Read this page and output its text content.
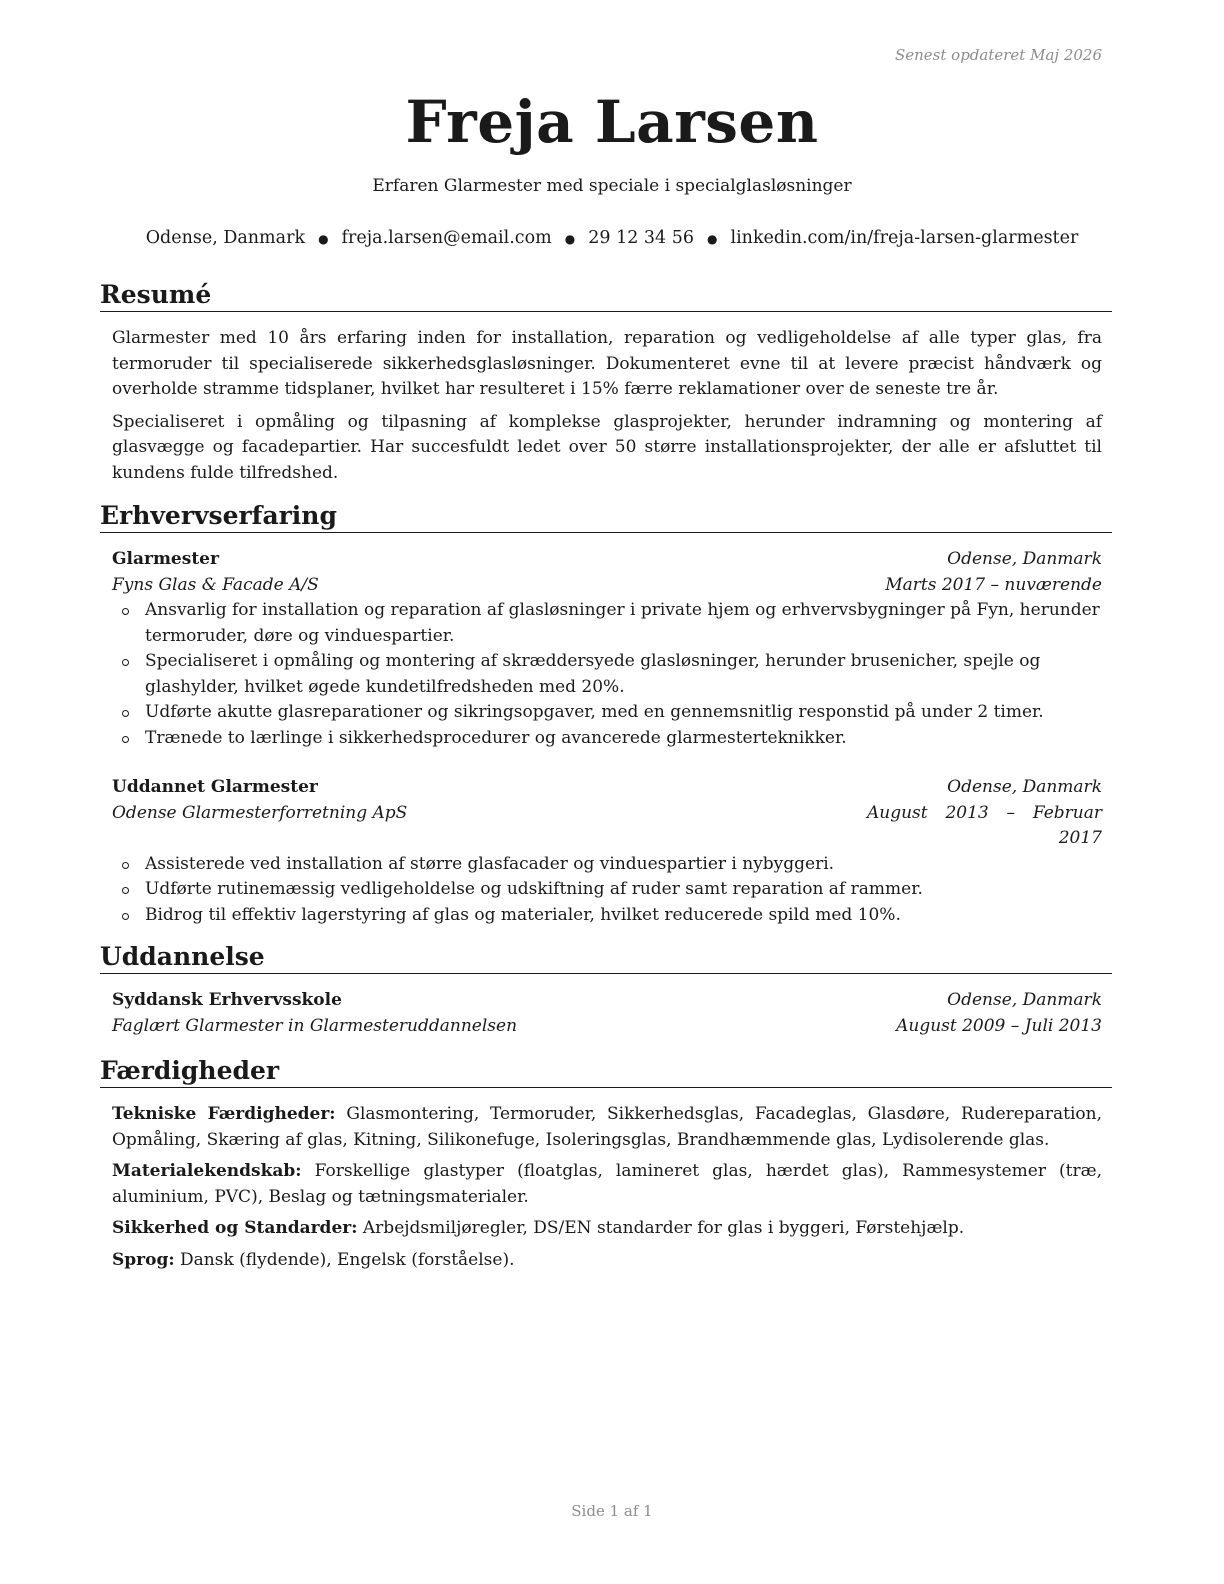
Senest opdateret Maj 2026
Freja Larsen
Erfaren Glarmester med speciale i specialglasløsninger
Odense, Danmark ● freja.larsen@email.com ● 29 12 34 56 ● linkedin.com/in/freja-larsen-glarmester
Resumé

Glarmester med 10 års erfaring inden for installation, reparation og vedligeholdelse af alle typer glas, fra termoruder til specialiserede sikkerhedsglasløsninger. Dokumenteret evne til at levere præcist håndværk og overholde stramme tidsplaner, hvilket har resulteret i 15% færre reklamationer over de seneste tre år.

Specialiseret i opmåling og tilpasning af komplekse glasprojekter, herunder indramning og montering af glasvægge og facadepartier. Har succesfuldt ledet over 50 større installationsprojekter, der alle er afsluttet til kundens fulde tilfredshed.

Erhvervserfaring
Glarmester	Odense, Danmark
Fyns Glas & Facade A/S	Marts 2017 – nuværende
Ansvarlig for installation og reparation af glasløsninger i private hjem og erhvervsbygninger på Fyn, herunder termoruder, døre og vinduespartier.
Specialiseret i opmåling og montering af skræddersyede glasløsninger, herunder brusenicher, spejle og glashylder, hvilket øgede kundetilfredsheden med 20%.
Udførte akutte glasreparationer og sikringsopgaver, med en gennemsnitlig responstid på under 2 timer.
Trænede to lærlinge i sikkerhedsprocedurer og avancerede glarmesterteknikker.
Uddannet Glarmester	Odense, Danmark
Odense Glarmesterforretning ApS	August 2013 – Februar 2017
Assisterede ved installation af større glasfacader og vinduespartier i nybyggeri.
Udførte rutinemæssig vedligeholdelse og udskiftning af ruder samt reparation af rammer.
Bidrog til effektiv lagerstyring af glas og materialer, hvilket reducerede spild med 10%.
Uddannelse
Syddansk Erhvervsskole	Odense, Danmark
Faglært Glarmester in Glarmesteruddannelsen	August 2009 – Juli 2013
Færdigheder

Tekniske Færdigheder: Glasmontering, Termoruder, Sikkerhedsglas, Facadeglas, Glasdøre, Rudereparation, Opmåling, Skæring af glas, Kitning, Silikonefuge, Isoleringsglas, Brandhæmmende glas, Lydisolerende glas.

Materialekendskab: Forskellige glastyper (floatglas, lamineret glas, hærdet glas), Rammesystemer (træ, aluminium, PVC), Beslag og tætningsmaterialer.

Sikkerhed og Standarder: Arbejdsmiljøregler, DS/EN standarder for glas i byggeri, Førstehjælp.

Sprog: Dansk (flydende), Engelsk (forståelse).

Side 1 af 1
